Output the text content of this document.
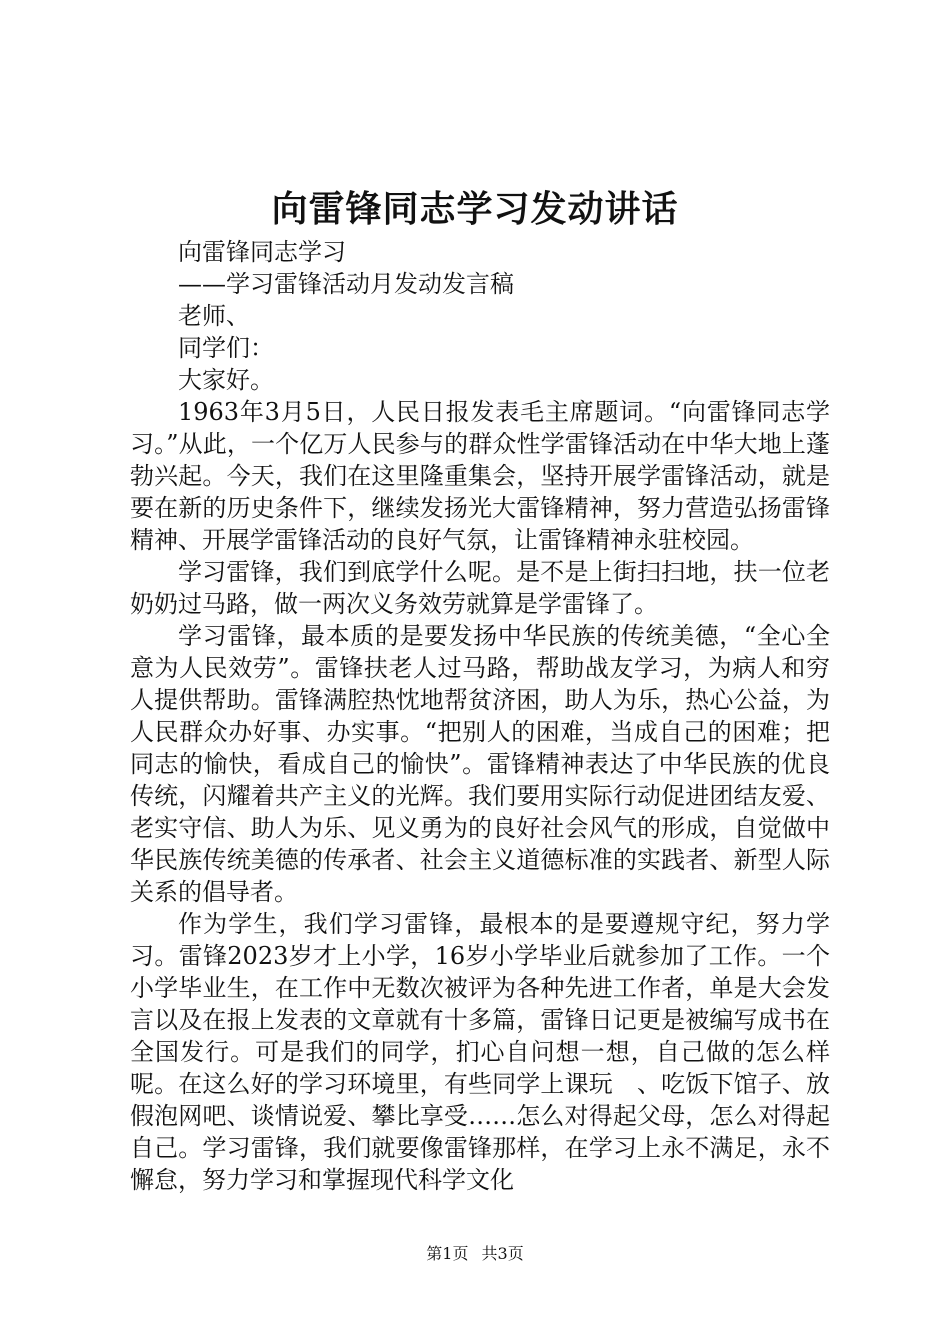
向雷锋同志学习发动讲话

向雷锋同志学习

——学习雷锋活动月发动发言稿

老师、

同学们：

大家好。

1963年3月5日，人民日报发表毛主席题词。“向雷锋同志学习。”从此，一个亿万人民参与的群众性学雷锋活动在中华大地上蓬勃兴起。今天，我们在这里隆重集会，坚持开展学雷锋活动，就是要在新的历史条件下，继续发扬光大雷锋精神，努力营造弘扬雷锋精神、开展学雷锋活动的良好气氛，让雷锋精神永驻校园。

学习雷锋，我们到底学什么呢。是不是上街扫扫地，扶一位老奶奶过马路，做一两次义务效劳就算是学雷锋了。

学习雷锋，最本质的是要发扬中华民族的传统美德，“全心全意为人民效劳”。雷锋扶老人过马路，帮助战友学习，为病人和穷人提供帮助。雷锋满腔热忱地帮贫济困，助人为乐，热心公益，为人民群众办好事、办实事。“把别人的困难，当成自己的困难；把同志的愉快，看成自己的愉快”。雷锋精神表达了中华民族的优良传统，闪耀着共产主义的光辉。我们要用实际行动促进团结友爱、老实守信、助人为乐、见义勇为的良好社会风气的形成，自觉做中华民族传统美德的传承者、社会主义道德标准的实践者、新型人际关系的倡导者。

作为学生，我们学习雷锋，最根本的是要遵规守纪，努力学习。雷锋2023岁才上小学，16岁小学毕业后就参加了工作。一个小学毕业生，在工作中无数次被评为各种先进工作者，单是大会发言以及在报上发表的文章就有十多篇，雷锋日记更是被编写成书在全国发行。可是我们的同学，扪心自问想一想，自己做的怎么样呢。在这么好的学习环境里，有些同学上课玩　、吃饭下馆子、放假泡网吧、谈情说爱、攀比享受……怎么对得起父母，怎么对得起自己。学习雷锋，我们就要像雷锋那样，在学习上永不满足，永不懈怠，努力学习和掌握现代科学文化

第1页 共3页
